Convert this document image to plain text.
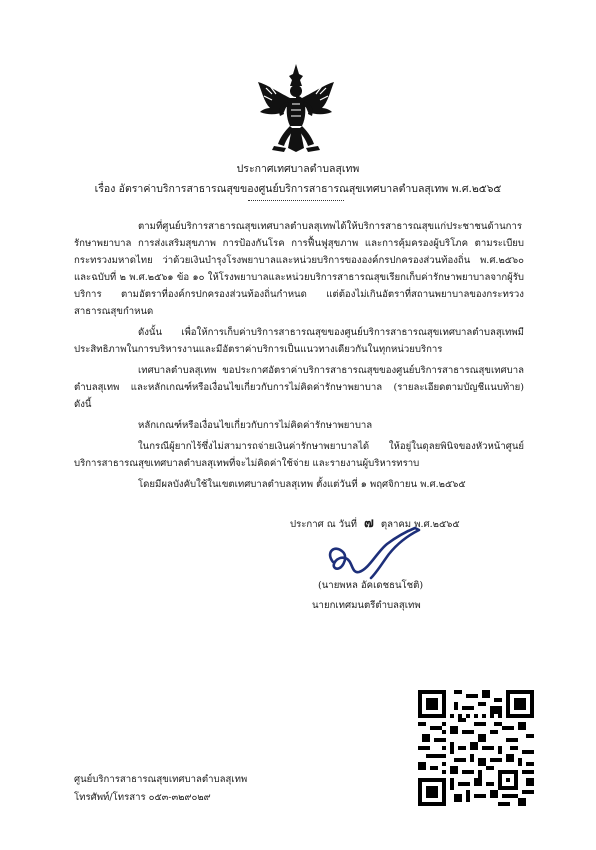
ประกาศเทศบาลตำบลสุเทพ
เรื่อง อัตราค่าบริการสาธารณสุขของศูนย์บริการสาธารณสุขเทศบาลตำบลสุเทพ พ.ศ.๒๕๖๕

ตามที่ศูนย์บริการสาธารณสุขเทศบาลตำบลสุเทพได้ให้บริการสาธารณสุขแก่ประชาชนด้านการรักษาพยาบาล การส่งเสริมสุขภาพ การป้องกันโรค การฟื้นฟูสุขภาพ และการคุ้มครองผู้บริโภค ตามระเบียบกระทรวงมหาดไทย ว่าด้วยเงินบำรุงโรงพยาบาลและหน่วยบริการขององค์กรปกครองส่วนท้องถิ่น พ.ศ.๒๕๖๐ และฉบับที่ ๒ พ.ศ.๒๕๖๑ ข้อ ๑๐ ให้โรงพยาบาลและหน่วยบริการสาธารณสุขเรียกเก็บค่ารักษาพยาบาลจากผู้รับบริการ ตามอัตราที่องค์กรปกครองส่วนท้องถิ่นกำหนด แต่ต้องไม่เกินอัตราที่สถานพยาบาลของกระทรวงสาธารณสุขกำหนด

ดังนั้น เพื่อให้การเก็บค่าบริการสาธารณสุขของศูนย์บริการสาธารณสุขเทศบาลตำบลสุเทพมีประสิทธิภาพในการบริหารงานและมีอัตราค่าบริการเป็นแนวทางเดียวกันในทุกหน่วยบริการ

เทศบาลตำบลสุเทพ ขอประกาศอัตราค่าบริการสาธารณสุขของศูนย์บริการสาธารณสุขเทศบาลตำบลสุเทพ และหลักเกณฑ์หรือเงื่อนไขเกี่ยวกับการไม่คิดค่ารักษาพยาบาล (รายละเอียดตามบัญชีแนบท้าย) ดังนี้

หลักเกณฑ์หรือเงื่อนไขเกี่ยวกับการไม่คิดค่ารักษาพยาบาล

ในกรณีผู้ยากไร้ซึ่งไม่สามารถจ่ายเงินค่ารักษาพยาบาลได้ ให้อยู่ในดุลยพินิจของหัวหน้าศูนย์บริการสาธารณสุขเทศบาลตำบลสุเทพที่จะไม่คิดค่าใช้จ่าย และรายงานผู้บริหารทราบ

โดยมีผลบังคับใช้ในเขตเทศบาลตำบลสุเทพ ตั้งแต่วันที่ ๑ พฤศจิกายน พ.ศ.๒๕๖๕

ประกาศ ณ วันที่ ๗ ตุลาคม พ.ศ.๒๕๖๕
(นายพหล อัคเดชธนโชติ)
นายกเทศมนตรีตำบลสุเทพ
ศูนย์บริการสาธารณสุขเทศบาลตำบลสุเทพ
โทรศัพท์/โทรสาร ๐๕๓-๓๒๙๐๒๙
